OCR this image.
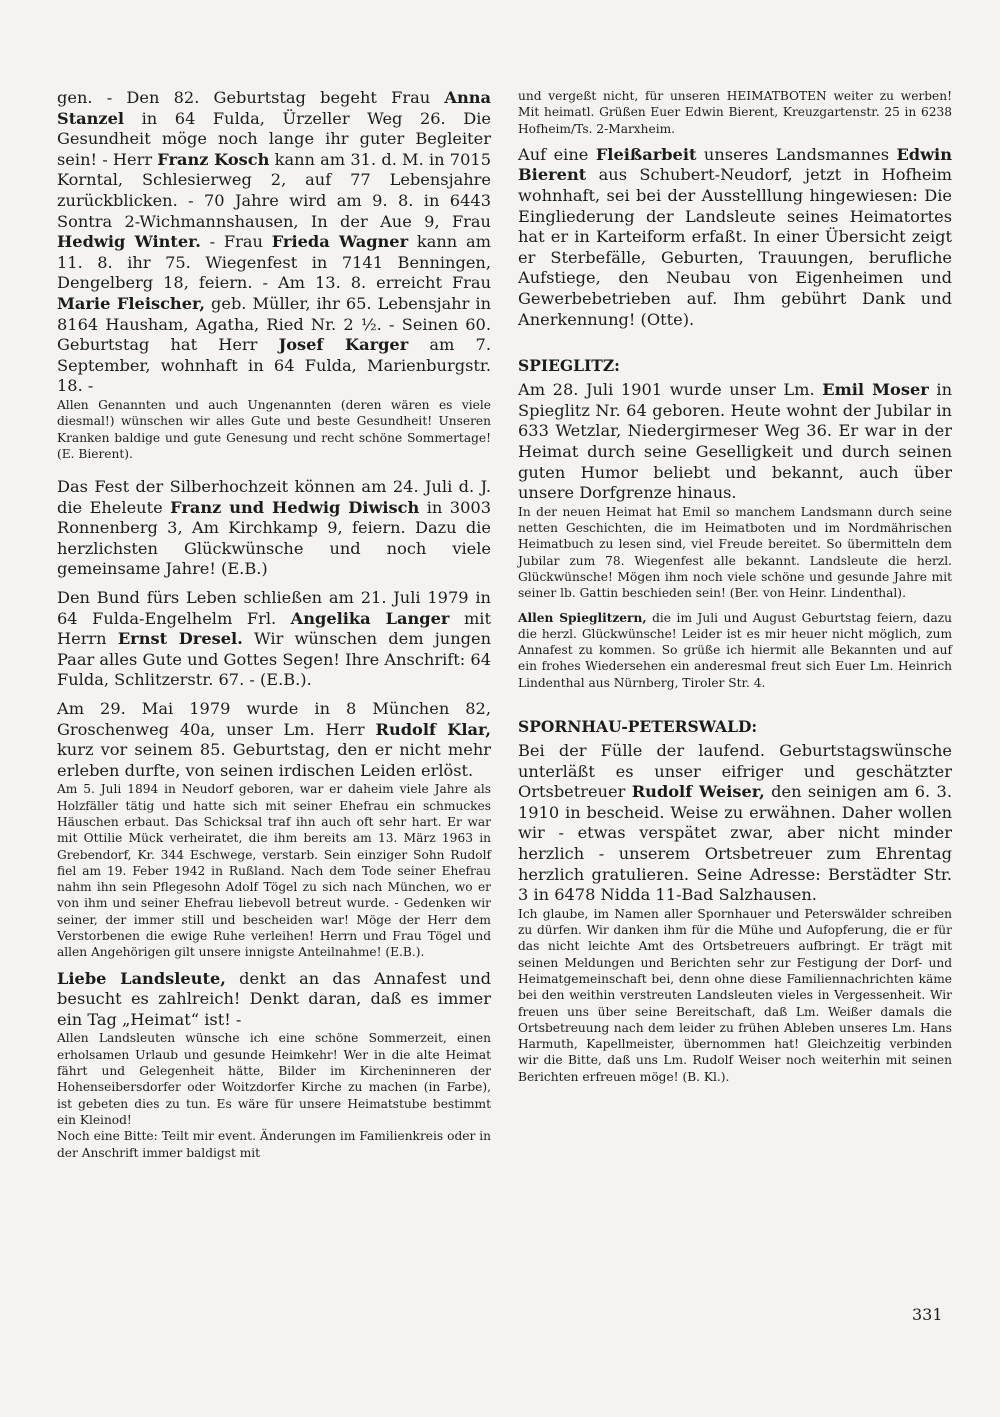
gen. - Den 82. Geburtstag begeht Frau Anna Stanzel in 64 Fulda, Ürzeller Weg 26. Die Gesundheit möge noch lange ihr guter Begleiter sein! - Herr Franz Kosch kann am 31. d. M. in 7015 Korntal, Schlesierweg 2, auf 77 Lebensjahre zurückblicken. - 70 Jahre wird am 9. 8. in 6443 Sontra 2-Wichmannshausen, In der Aue 9, Frau Hedwig Winter. - Frau Frieda Wagner kann am 11. 8. ihr 75. Wiegenfest in 7141 Benningen, Dengelberg 18, feiern. - Am 13. 8. erreicht Frau Marie Fleischer, geb. Müller, ihr 65. Lebensjahr in 8164 Hausham, Agatha, Ried Nr. 2 ½. - Seinen 60. Geburtstag hat Herr Josef Karger am 7. September, wohnhaft in 64 Fulda, Marienburgstr. 18. -

Allen Genannten und auch Ungenannten (deren wären es viele diesmal!) wünschen wir alles Gute und beste Gesundheit! Unseren Kranken baldige und gute Genesung und recht schöne Sommertage! (E. Bierent).

Das Fest der Silberhochzeit können am 24. Juli d. J. die Eheleute Franz und Hedwig Diwisch in 3003 Ronnenberg 3, Am Kirchkamp 9, feiern. Dazu die herzlichsten Glückwünsche und noch viele gemeinsame Jahre! (E.B.)

Den Bund fürs Leben schließen am 21. Juli 1979 in 64 Fulda-Engelhelm Frl. Angelika Langer mit Herrn Ernst Dresel. Wir wünschen dem jungen Paar alles Gute und Gottes Segen! Ihre Anschrift: 64 Fulda, Schlitzerstr. 67. - (E.B.).

Am 29. Mai 1979 wurde in 8 München 82, Groschenweg 40a, unser Lm. Herr Rudolf Klar, kurz vor seinem 85. Geburtstag, den er nicht mehr erleben durfte, von seinen irdischen Leiden erlöst.

Am 5. Juli 1894 in Neudorf geboren, war er daheim viele Jahre als Holzfäller tätig und hatte sich mit seiner Ehefrau ein schmuckes Häuschen erbaut. Das Schicksal traf ihn auch oft sehr hart. Er war mit Ottilie Mück verheiratet, die ihm bereits am 13. März 1963 in Grebendorf, Kr. 344 Eschwege, verstarb. Sein einziger Sohn Rudolf fiel am 19. Feber 1942 in Rußland. Nach dem Tode seiner Ehefrau nahm ihn sein Pflegesohn Adolf Tögel zu sich nach München, wo er von ihm und seiner Ehefrau liebevoll betreut wurde. - Gedenken wir seiner, der immer still und bescheiden war! Möge der Herr dem Verstorbenen die ewige Ruhe verleihen! Herrn und Frau Tögel und allen Angehörigen gilt unsere innigste Anteilnahme! (E.B.).

Liebe Landsleute, denkt an das Annafest und besucht es zahlreich! Denkt daran, daß es immer ein Tag „Heimat“ ist! -

Allen Landsleuten wünsche ich eine schöne Sommerzeit, einen erholsamen Urlaub und gesunde Heimkehr! Wer in die alte Heimat fährt und Gelegenheit hätte, Bilder im Kircheninneren der Hohenseibersdorfer oder Woitzdorfer Kirche zu machen (in Farbe), ist gebeten dies zu tun. Es wäre für unsere Heimatstube bestimmt ein Kleinod!

Noch eine Bitte: Teilt mir event. Änderungen im Familienkreis oder in der Anschrift immer baldigst mit

und vergeßt nicht, für unseren HEIMATBOTEN weiter zu werben! Mit heimatl. Grüßen Euer Edwin Bierent, Kreuzgartenstr. 25 in 6238 Hofheim/Ts. 2-Marxheim.

Auf eine Fleißarbeit unseres Landsmannes Edwin Bierent aus Schubert-Neudorf, jetzt in Hofheim wohnhaft, sei bei der Ausstelllung hingewiesen: Die Eingliederung der Landsleute seines Heimatortes hat er in Karteiform erfaßt. In einer Übersicht zeigt er Sterbefälle, Geburten, Trauungen, berufliche Aufstiege, den Neubau von Eigenheimen und Gewerbebetrieben auf. Ihm gebührt Dank und Anerkennung! (Otte).

SPIEGLITZ:

Am 28. Juli 1901 wurde unser Lm. Emil Moser in Spieglitz Nr. 64 geboren. Heute wohnt der Jubilar in 633 Wetzlar, Niedergirmeser Weg 36. Er war in der Heimat durch seine Geselligkeit und durch seinen guten Humor beliebt und bekannt, auch über unsere Dorfgrenze hinaus.

In der neuen Heimat hat Emil so manchem Landsmann durch seine netten Geschichten, die im Heimatboten und im Nordmährischen Heimatbuch zu lesen sind, viel Freude bereitet. So übermitteln dem Jubilar zum 78. Wiegenfest alle bekannt. Landsleute die herzl. Glückwünsche! Mögen ihm noch viele schöne und gesunde Jahre mit seiner lb. Gattin beschieden sein! (Ber. von Heinr. Lindenthal).

Allen Spieglitzern, die im Juli und August Geburtstag feiern, dazu die herzl. Glückwünsche! Leider ist es mir heuer nicht möglich, zum Annafest zu kommen. So grüße ich hiermit alle Bekannten und auf ein frohes Wiedersehen ein anderesmal freut sich Euer Lm. Heinrich Lindenthal aus Nürnberg, Tiroler Str. 4.

SPORNHAU-PETERSWALD:

Bei der Fülle der laufend. Geburtstagswünsche unterläßt es unser eifriger und geschätzter Ortsbetreuer Rudolf Weiser, den seinigen am 6. 3. 1910 in bescheid. Weise zu erwähnen. Daher wollen wir - etwas verspätet zwar, aber nicht minder herzlich - unserem Ortsbetreuer zum Ehrentag herzlich gratulieren. Seine Adresse: Berstädter Str. 3 in 6478 Nidda 11-Bad Salzhausen.

Ich glaube, im Namen aller Spornhauer und Peterswälder schreiben zu dürfen. Wir danken ihm für die Mühe und Aufopferung, die er für das nicht leichte Amt des Ortsbetreuers aufbringt. Er trägt mit seinen Meldungen und Berichten sehr zur Festigung der Dorf- und Heimatgemeinschaft bei, denn ohne diese Familiennachrichten käme bei den weithin verstreuten Landsleuten vieles in Vergessenheit. Wir freuen uns über seine Bereitschaft, daß Lm. Weißer damals die Ortsbetreuung nach dem leider zu frühen Ableben unseres Lm. Hans Harmuth, Kapellmeister, übernommen hat! Gleichzeitig verbinden wir die Bitte, daß uns Lm. Rudolf Weiser noch weiterhin mit seinen Berichten erfreuen möge! (B. Kl.).

331
